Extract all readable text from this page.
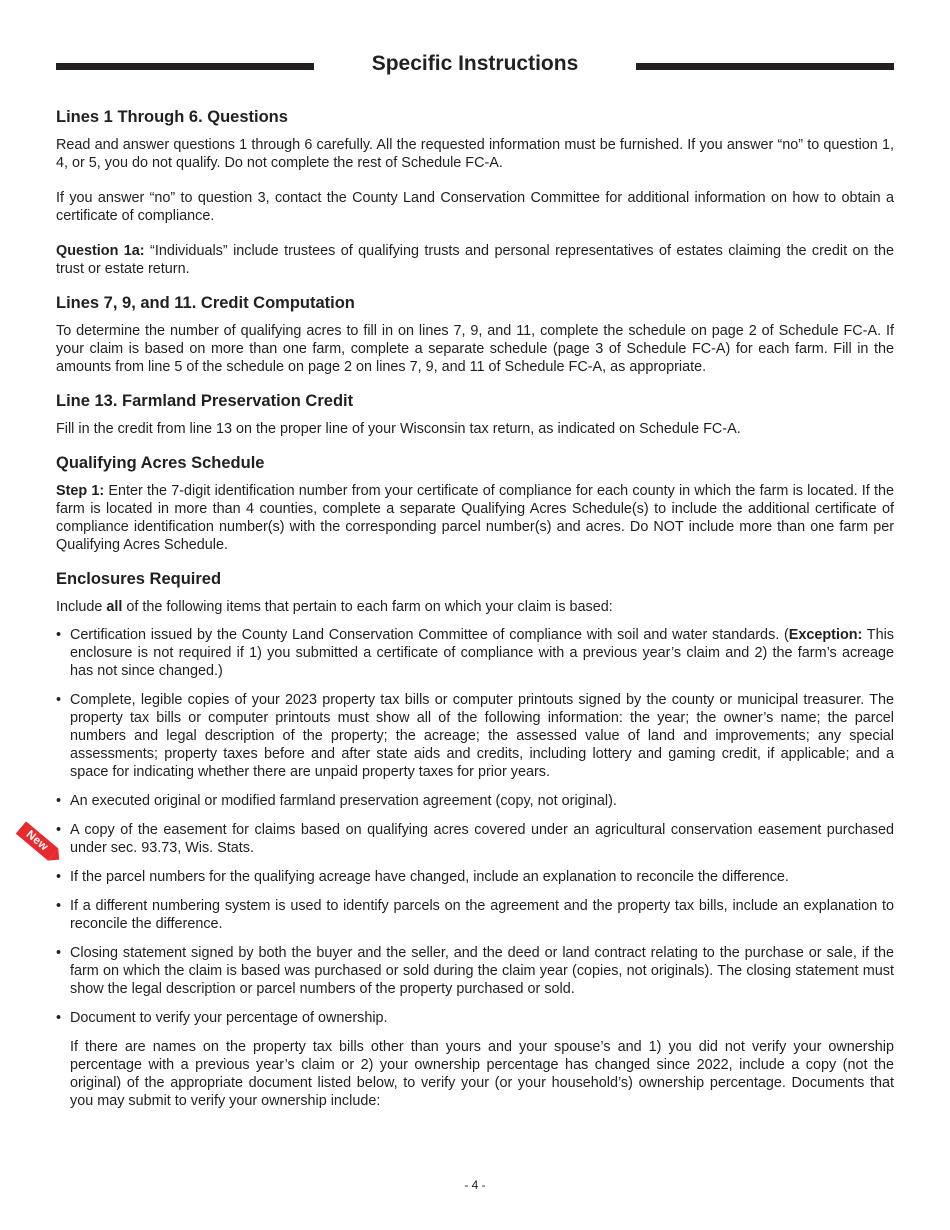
Specific Instructions
Lines 1 Through 6. Questions

Read and answer questions 1 through 6 carefully. All the requested information must be furnished. If you answer “no” to question 1, 4, or 5, you do not qualify. Do not complete the rest of Schedule FC-A.

If you answer “no” to question 3, contact the County Land Conservation Committee for additional information on how to obtain a certificate of compliance.

Question 1a: “Individuals” include trustees of qualifying trusts and personal representatives of estates claiming the credit on the trust or estate return.

Lines 7, 9, and 11. Credit Computation

To determine the number of qualifying acres to fill in on lines 7, 9, and 11, complete the schedule on page 2 of Schedule FC-A. If your claim is based on more than one farm, complete a separate schedule (page 3 of Schedule FC-A) for each farm. Fill in the amounts from line 5 of the schedule on page 2 on lines 7, 9, and 11 of Schedule FC-A, as appropriate.

Line 13. Farmland Preservation Credit

Fill in the credit from line 13 on the proper line of your Wisconsin tax return, as indicated on Schedule FC-A.

Qualifying Acres Schedule

Step 1: Enter the 7-digit identification number from your certificate of compliance for each county in which the farm is located. If the farm is located in more than 4 counties, complete a separate Qualifying Acres Schedule(s) to include the additional certificate of compliance identification number(s) with the corresponding parcel number(s) and acres. Do NOT include more than one farm per Qualifying Acres Schedule.

Enclosures Required

Include all of the following items that pertain to each farm on which your claim is based:

• Certification issued by the County Land Conservation Committee of compliance with soil and water standards. (Exception: This enclosure is not required if 1) you submitted a certificate of compliance with a previous year’s claim and 2) the farm’s acreage has not since changed.)
• Complete, legible copies of your 2023 property tax bills or computer printouts signed by the county or municipal treasurer. The property tax bills or computer printouts must show all of the following information: the year; the owner’s name; the parcel numbers and legal description of the property; the acreage; the assessed value of land and improvements; any special assessments; property taxes before and after state aids and credits, including lottery and gaming credit, if applicable; and a space for indicating whether there are unpaid property taxes for prior years.
• An executed original or modified farmland preservation agreement (copy, not original).
• A copy of the easement for claims based on qualifying acres covered under an agricultural conservation easement purchased under sec. 93.73, Wis. Stats.
• If the parcel numbers for the qualifying acreage have changed, include an explanation to reconcile the difference.
• If a different numbering system is used to identify parcels on the agreement and the property tax bills, include an explanation to reconcile the difference.
• Closing statement signed by both the buyer and the seller, and the deed or land contract relating to the purchase or sale, if the farm on which the claim is based was purchased or sold during the claim year (copies, not originals). The closing statement must show the legal description or parcel numbers of the property purchased or sold.
• Document to verify your percentage of ownership.

If there are names on the property tax bills other than yours and your spouse’s and 1) you did not verify your ownership percentage with a previous year’s claim or 2) your ownership percentage has changed since 2022, include a copy (not the original) of the appropriate document listed below, to verify your (or your household’s) ownership percentage. Documents that you may submit to verify your ownership include:

New
- 4 -
